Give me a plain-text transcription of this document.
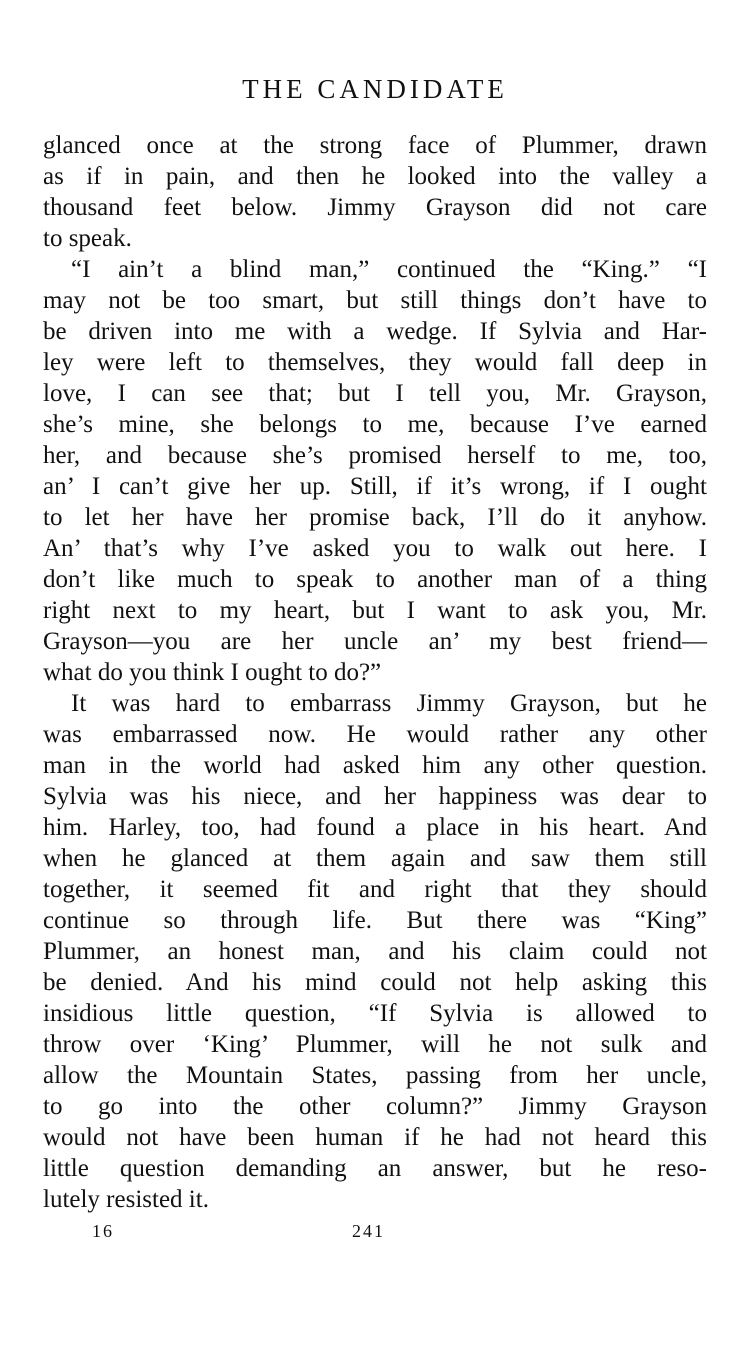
THE CANDIDATE
glanced once at the strong face of Plummer, drawn
as if in pain, and then he looked into the valley a
thousand feet below. Jimmy Grayson did not care
to speak.
“I ain’t a blind man,” continued the “King.” “I
may not be too smart, but still things don’t have to
be driven into me with a wedge. If Sylvia and Har-
ley were left to themselves, they would fall deep in
love, I can see that; but I tell you, Mr. Grayson,
she’s mine, she belongs to me, because I’ve earned
her, and because she’s promised herself to me, too,
an’ I can’t give her up. Still, if it’s wrong, if I ought
to let her have her promise back, I’ll do it anyhow.
An’ that’s why I’ve asked you to walk out here. I
don’t like much to speak to another man of a thing
right next to my heart, but I want to ask you, Mr.
Grayson—you are her uncle an’ my best friend—
what do you think I ought to do?”
It was hard to embarrass Jimmy Grayson, but he
was embarrassed now. He would rather any other
man in the world had asked him any other question.
Sylvia was his niece, and her happiness was dear to
him. Harley, too, had found a place in his heart. And
when he glanced at them again and saw them still
together, it seemed fit and right that they should
continue so through life. But there was “King”
Plummer, an honest man, and his claim could not
be denied. And his mind could not help asking this
insidious little question, “If Sylvia is allowed to
throw over ‘King’ Plummer, will he not sulk and
allow the Mountain States, passing from her uncle,
to go into the other column?” Jimmy Grayson
would not have been human if he had not heard this
little question demanding an answer, but he reso-
lutely resisted it.
16	241
